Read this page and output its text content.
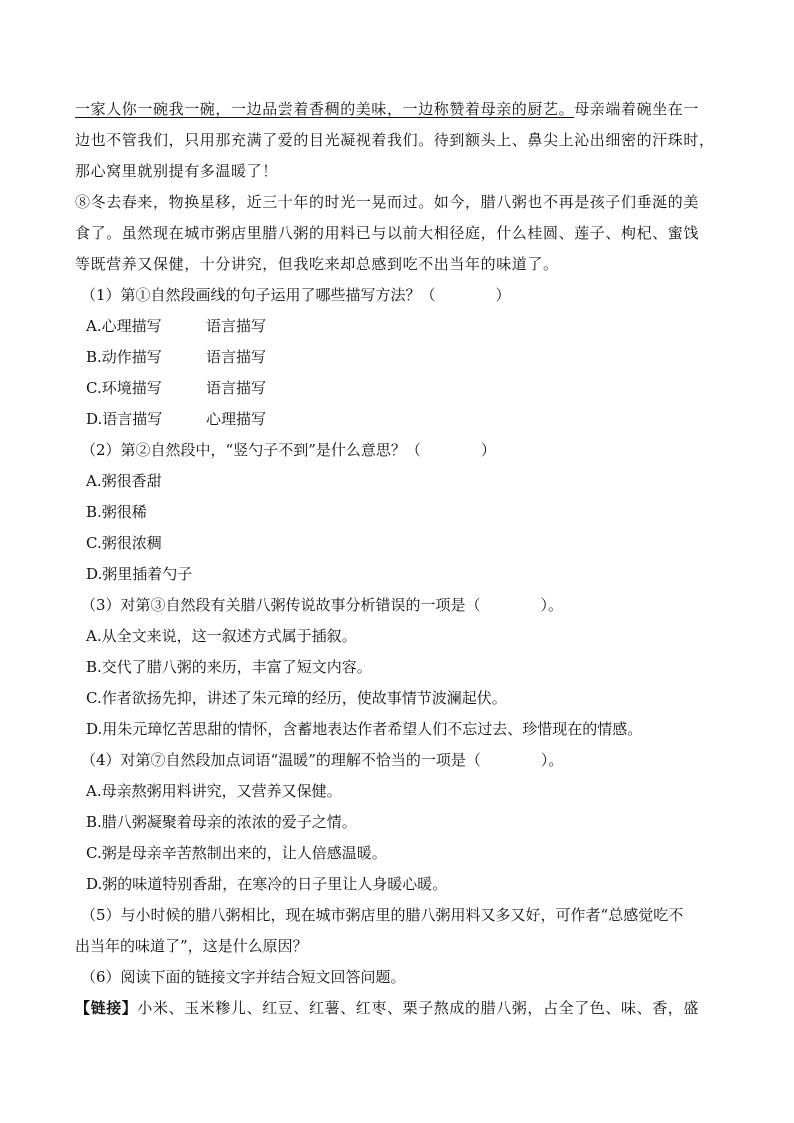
一家人你一碗我一碗，一边品尝着香稠的美味，一边称赞着母亲的厨艺。母亲端着碗坐在一
边也不管我们，只用那充满了爱的目光凝视着我们。待到额头上、鼻尖上沁出细密的汗珠时，
那心窝里就别提有多温暖了！
⑧冬去春来，物换星移，近三十年的时光一晃而过。如今，腊八粥也不再是孩子们垂涎的美
食了。虽然现在城市粥店里腊八粥的用料已与以前大相径庭，什么桂圆、莲子、枸杞、蜜饯
等既营养又保健，十分讲究，但我吃来却总感到吃不出当年的味道了。
（1）第①自然段画线的句子运用了哪些描写方法？（　　　　）
A.心理描写	语言描写
B.动作描写	语言描写
C.环境描写	语言描写
D.语言描写	心理描写
（2）第②自然段中，“竖勺子不到”是什么意思？（　　　　）
A.粥很香甜
B.粥很稀
C.粥很浓稠
D.粥里插着勺子
（3）对第③自然段有关腊八粥传说故事分析错误的一项是（　　　　）。
A.从全文来说，这一叙述方式属于插叙。
B.交代了腊八粥的来历，丰富了短文内容。
C.作者欲扬先抑，讲述了朱元璋的经历，使故事情节波澜起伏。
D.用朱元璋忆苦思甜的情怀，含蓄地表达作者希望人们不忘过去、珍惜现在的情感。
（4）对第⑦自然段加点词语“温暖”的理解不恰当的一项是（　　　　）。
A.母亲熬粥用料讲究，又营养又保健。
B.腊八粥凝聚着母亲的浓浓的爱子之情。
C.粥是母亲辛苦熬制出来的，让人倍感温暖。
D.粥的味道特别香甜，在寒冷的日子里让人身暖心暖。
（5）与小时候的腊八粥相比，现在城市粥店里的腊八粥用料又多又好，可作者“总感觉吃不
出当年的味道了”，这是什么原因？
（6）阅读下面的链接文字并结合短文回答问题。
【链接】小米、玉米糁儿、红豆、红薯、红枣、栗子熬成的腊八粥，占全了色、味、香，盛
